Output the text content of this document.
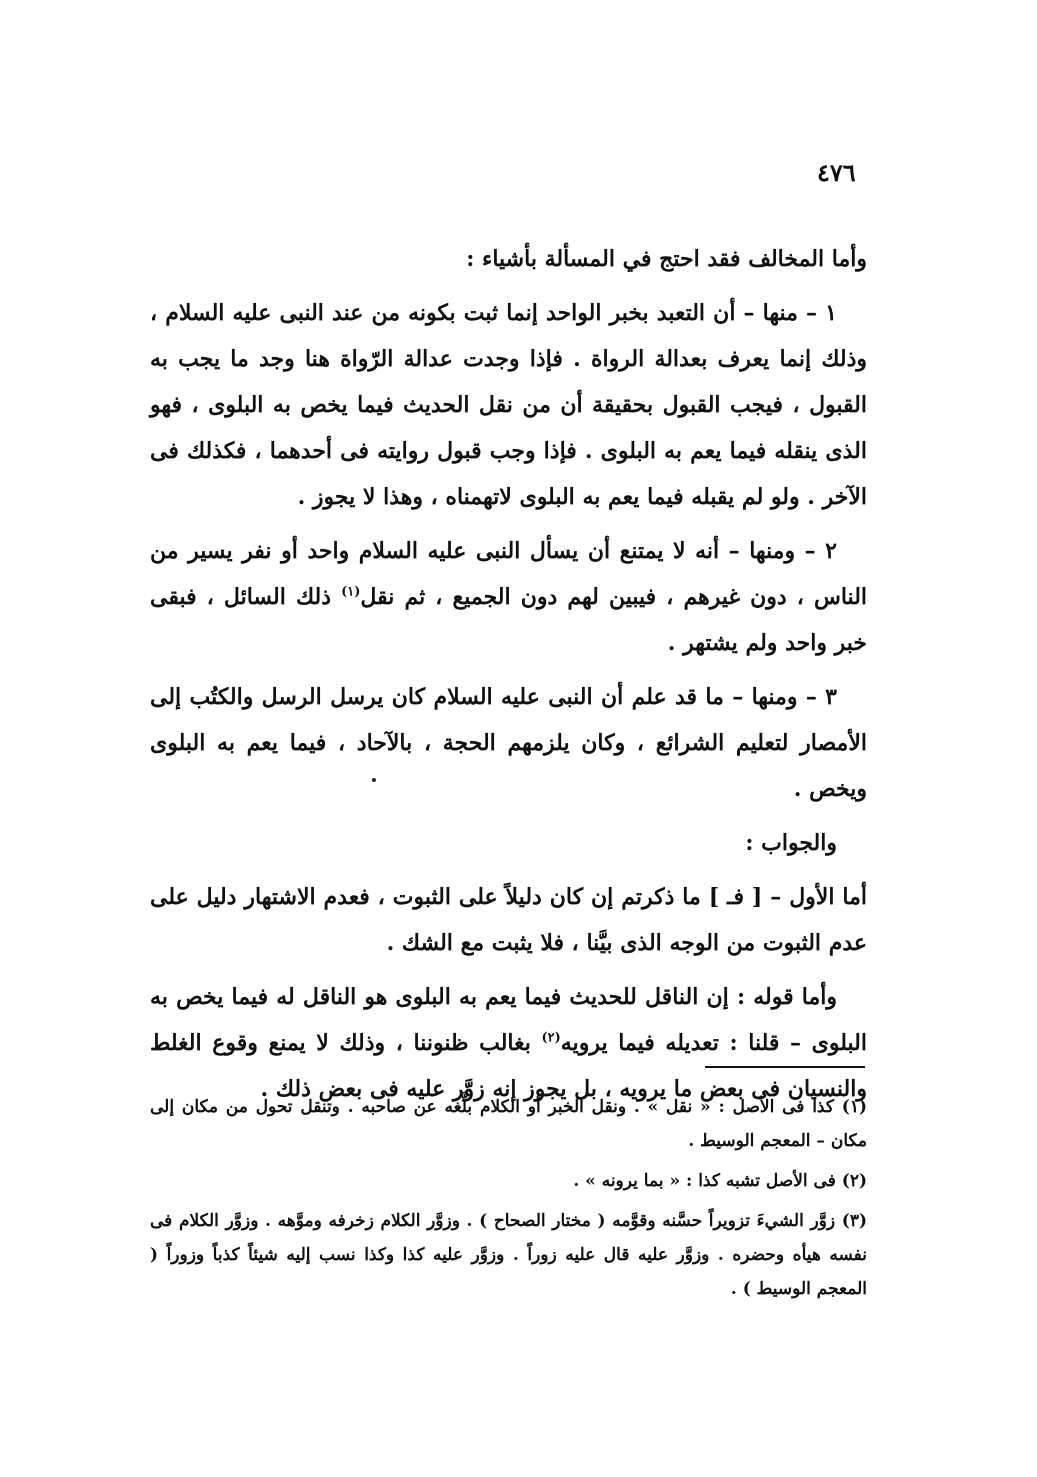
٤٧٦

وأما المخالف فقد احتج في المسألة بأشياء :

١ – منها – أن التعبد بخبر الواحد إنما ثبت بكونه من عند النبى عليه السلام ، وذلك إنما يعرف بعدالة الرواة . فإذا وجدت عدالة الرّواة هنا وجد ما يجب به القبول ، فيجب القبول بحقيقة أن من نقل الحديث فيما يخص به البلوى ، فهو الذى ينقله فيما يعم به البلوى . فإذا وجب قبول روايته فى أحدهما ، فكذلك فى الآخر . ولو لم يقبله فيما يعم به البلوى لاتهمناه ، وهذا لا يجوز .

٢ – ومنها – أنه لا يمتنع أن يسأل النبى عليه السلام واحد أو نفر يسير من الناس ، دون غيرهم ، فيبين لهم دون الجميع ، ثم نقل$^{(١)}$ ذلك السائل ، فبقى خبر واحد ولم يشتهر .

٣ – ومنها – ما قد علم أن النبى عليه السلام كان يرسل الرسل والكتُب إلى الأمصار لتعليم الشرائع ، وكان يلزمهم الحجة ، بالآحاد ، فيما يعم به البلوى ويخص .

والجواب :

أما الأول – [ فـ ] ما ذكرتم إن كان دليلاً على الثبوت ، فعدم الاشتهار دليل على عدم الثبوت من الوجه الذى بيَّنا ، فلا يثبت مع الشك .

وأما قوله : إن الناقل للحديث فيما يعم به البلوى هو الناقل له فيما يخص به البلوى – قلنا : تعديله فيما يرويه$^{(٢)}$ بغالب ظنوننا ، وذلك لا يمنع وقوع الغلط والنسيان فى بعض ما يرويه ، بل يجوز إنه زوَّر عليه فى بعض ذلك .

(١) كذا فى الأصل : « نقل » . ونقل الخبر أو الكلام بلَّغه عن صاحبه . وتنقل تحول من مكان إلى مكان – المعجم الوسيط .

(٢) فى الأصل تشبه كذا : « بما يرونه » .

(٣) زوَّر الشيءَ تزويراً حسَّنه وقوَّمه ( مختار الصحاح ) . وزوَّر الكلام زخرفه وموَّهه . وزوَّر الكلام فى نفسه هيأه وحضره . وزوَّر عليه قال عليه زوراً . وزوَّر عليه كذا وكذا نسب إليه شيئاً كذباً وزوراً ( المعجم الوسيط ) .
